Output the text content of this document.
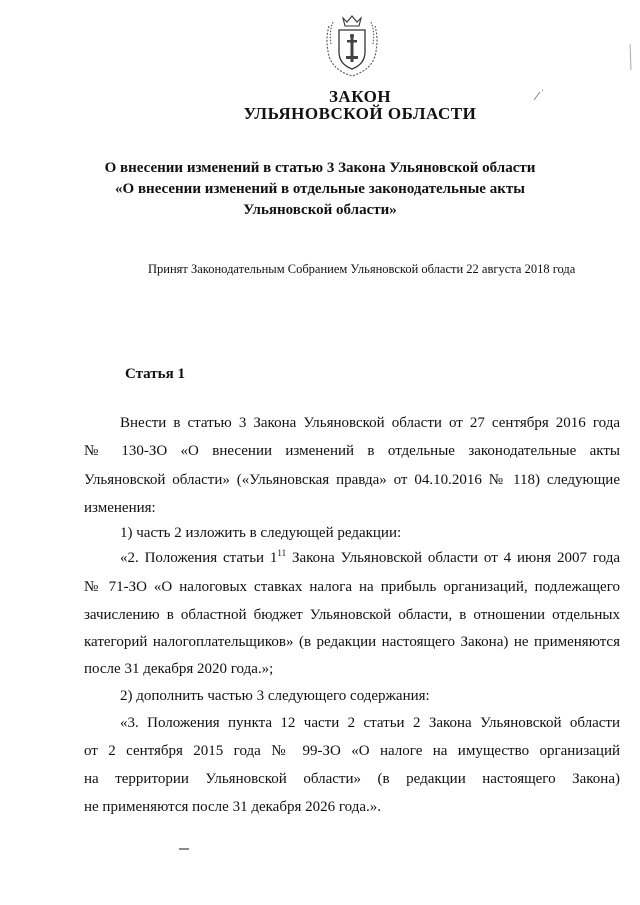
ЗАКОН
УЛЬЯНОВСКОЙ ОБЛАСТИ
О внесении изменений в статью 3 Закона Ульяновской области
«О внесении изменений в отдельные законодательные акты
Ульяновской области»
Принят Законодательным Собранием Ульяновской области 22 августа 2018 года
Статья 1

Внести в статью 3 Закона Ульяновской области от 27 сентября 2016 года

№ 130-ЗО «О внесении изменений в отдельные законодательные акты

Ульяновской области» («Ульяновская правда» от 04.10.2016 № 118) следующие

изменения:

1) часть 2 изложить в следующей редакции:

«2. Положения статьи $1^{11}$ Закона Ульяновской области от 4 июня 2007 года

№ 71-ЗО «О налоговых ставках налога на прибыль организаций, подлежащего

зачислению в областной бюджет Ульяновской области, в отношении отдельных

категорий налогоплательщиков» (в редакции настоящего Закона) не применяются

после 31 декабря 2020 года.»;

2) дополнить частью 3 следующего содержания:

«3. Положения пункта 12 части 2 статьи 2 Закона Ульяновской области

от 2 сентября 2015 года № 99-ЗО «О налоге на имущество организаций

на территории Ульяновской области» (в редакции настоящего Закона)

не применяются после 31 декабря 2026 года.».
